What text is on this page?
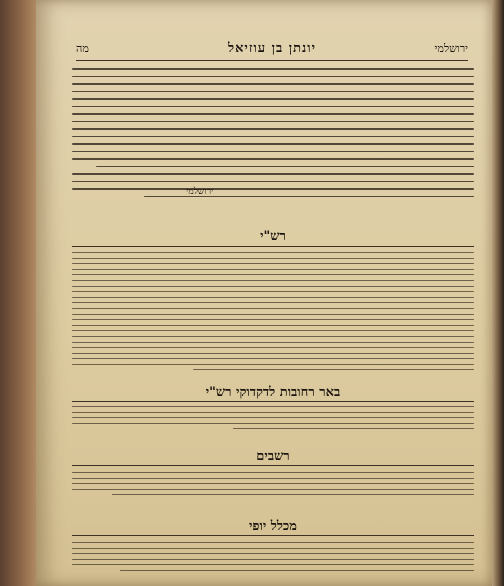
מה	יונתן בן עוזיאל	ירושלמי
ירושלמי
רש"י
באר רחובות לדקדוקי רש"י
רשבים
מכלל יופי
